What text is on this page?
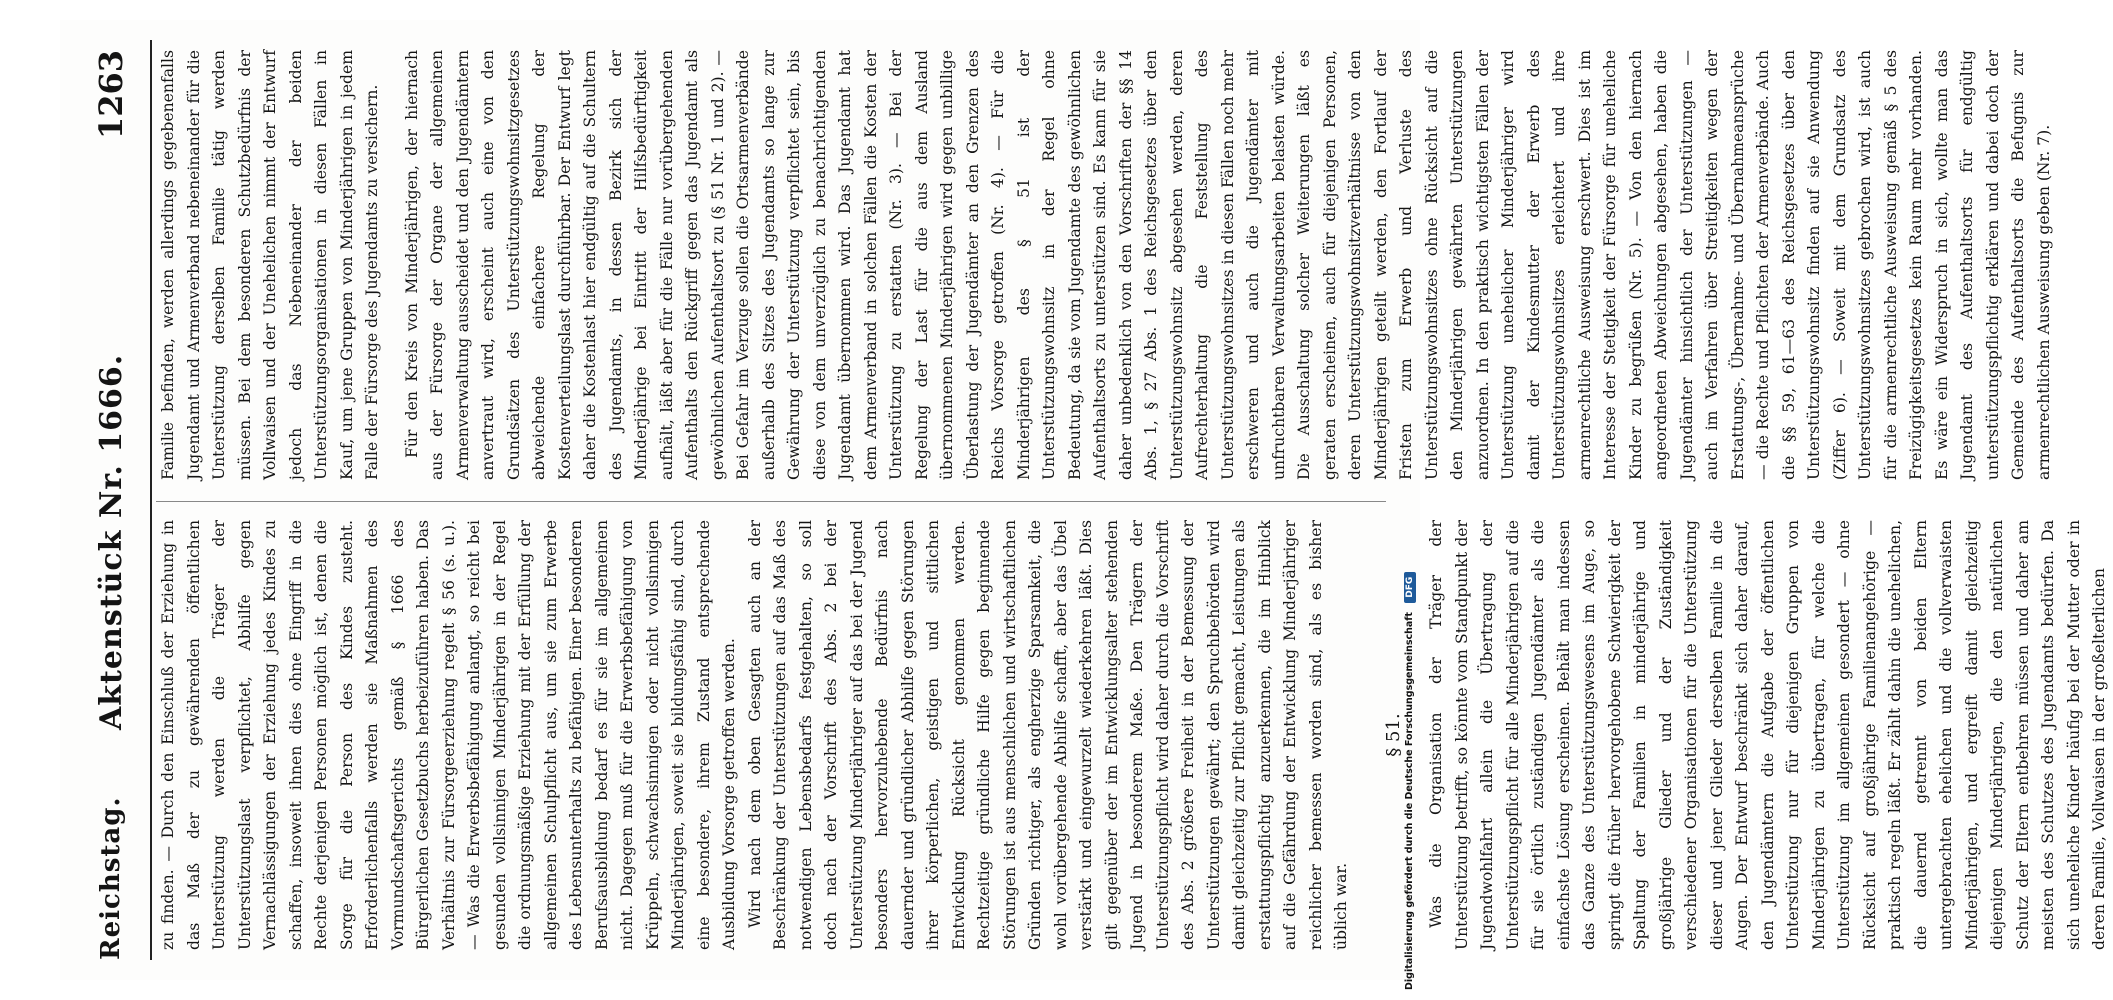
Reichstag.
Aktenstück Nr. 1666.
1263

zu finden. — Durch den Einschluß der Erziehung in das Maß der zu gewährenden öffentlichen Unterstützung werden die Träger der Unterstützungslast verpflichtet, Abhilfe gegen Vernachlässigungen der Erziehung jedes Kindes zu schaffen, insoweit ihnen dies ohne Eingriff in die Rechte derjenigen Personen möglich ist, denen die Sorge für die Person des Kindes zusteht. Erforderlichenfalls werden sie Maßnahmen des Vormundschaftsgerichts gemäß § 1666 des Bürgerlichen Gesetzbuchs herbeizuführen haben. Das Verhältnis zur Fürsorgeerziehung regelt § 56 (s. u.). — Was die Erwerbsbefähigung anlangt, so reicht bei gesunden vollsinnigen Minderjährigen in der Regel die ordnungsmäßige Erziehung mit der Erfüllung der allgemeinen Schulpflicht aus, um sie zum Erwerbe des Lebensunterhalts zu befähigen. Einer besonderen Berufsausbildung bedarf es für sie im allgemeinen nicht. Dagegen muß für die Erwerbsbefähigung von Krüppeln, schwachsinnigen oder nicht vollsinnigen Minderjährigen, soweit sie bildungsfähig sind, durch eine besondere, ihrem Zustand entsprechende Ausbildung Vorsorge getroffen werden. Wird nach dem oben Gesagten auch an der Beschränkung der Unterstützungen auf das Maß des notwendigen Lebensbedarfs festgehalten, so soll doch nach der Vorschrift des Abs. 2 bei der Unterstützung Minderjähriger auf das bei der Jugend besonders hervorzuhebende Bedürfnis nach dauernder und gründlicher Abhilfe gegen Störungen ihrer körperlichen, geistigen und sittlichen Entwicklung Rücksicht genommen werden. Rechtzeitige gründliche Hilfe gegen beginnende Störungen ist aus menschlichen und wirtschaftlichen Gründen richtiger, als engherzige Sparsamkeit, die wohl vorübergehende Abhilfe schafft, aber das Übel verstärkt und eingewurzelt wiederkehren läßt. Dies gilt gegenüber der im Entwicklungsalter stehenden Jugend in besonderem Maße. Den Trägern der Unterstützungspflicht wird daher durch die Vorschrift des Abs. 2 größere Freiheit in der Bemessung der Unterstützungen gewährt; den Spruchbehörden wird damit gleichzeitig zur Pflicht gemacht, Leistungen als erstattungspflichtig anzuerkennen, die im Hinblick auf die Gefährdung der Entwicklung Minderjähriger reichlicher bemessen worden sind, als es bisher üblich war.

§ 51. Was die Organisation der Träger der Unterstützung betrifft, so könnte vom Standpunkt der Jugendwohlfahrt allein die Übertragung der Unterstützungspflicht für alle Minderjährigen auf die für sie örtlich zuständigen Jugendämter als die einfachste Lösung erscheinen. Behält man indessen das Ganze des Unterstützungswesens im Auge, so springt die früher hervorgehobene Schwierigkeit der Spaltung der Familien in minderjährige und großjährige Glieder und der Zuständigkeit verschiedener Organisationen für die Unterstützung dieser und jener Glieder derselben Familie in die Augen. Der Entwurf beschränkt sich daher darauf, den Jugendämtern die Aufgabe der öffentlichen Unterstützung nur für diejenigen Gruppen von Minderjährigen zu übertragen, für welche die Unterstützung im allgemeinen gesondert — ohne Rücksicht auf großjährige Familienangehörige — praktisch regeln läßt. Er zählt dahin die unehelichen, die dauernd getrennt von beiden Eltern untergebrachten ehelichen und die vollverwaisten Minderjährigen, und ergreift damit gleichzeitig diejenigen Minderjährigen, die den natürlichen Schutz der Eltern entbehren müssen und daher am meisten des Schutzes des Jugendamts bedürfen. Da sich uneheliche Kinder häufig bei der Mutter oder in deren Familie, Vollwaisen in der großelterlichen

Familie befinden, werden allerdings gegebenenfalls Jugendamt und Armenverband nebeneinander für die Unterstützung derselben Familie tätig werden müssen. Bei dem besonderen Schutzbedürfnis der Vollwaisen und der Unehelichen nimmt der Entwurf jedoch das Nebeneinander der beiden Unterstützungsorganisationen in diesen Fällen in Kauf, um jene Gruppen von Minderjährigen in jedem Falle der Fürsorge des Jugendamts zu versichern. Für den Kreis von Minderjährigen, der hiernach aus der Fürsorge der Organe der allgemeinen Armenverwaltung ausscheidet und den Jugendämtern anvertraut wird, erscheint auch eine von den Grundsätzen des Unterstützungswohnsitzgesetzes abweichende einfachere Regelung der Kostenverteilungslast durchführbar. Der Entwurf legt daher die Kostenlast hier endgültig auf die Schultern des Jugendamts, in dessen Bezirk sich der Minderjährige bei Eintritt der Hilfsbedürftigkeit aufhält, läßt aber für die Fälle nur vorübergehenden Aufenthalts den Rückgriff gegen das Jugendamt als gewöhnlichen Aufenthaltsort zu (§ 51 Nr. 1 und 2). — Bei Gefahr im Verzuge sollen die Ortsarmenverbände außerhalb des Sitzes des Jugendamts so lange zur Gewährung der Unterstützung verpflichtet sein, bis diese von dem unverzüglich zu benachrichtigenden Jugendamt übernommen wird. Das Jugendamt hat dem Armenverband in solchen Fällen die Kosten der Unterstützung zu erstatten (Nr. 3). — Bei der Regelung der Last für die aus dem Ausland übernommenen Minderjährigen wird gegen unbillige Überlastung der Jugendämter an den Grenzen des Reichs Vorsorge getroffen (Nr. 4). — Für die Minderjährigen des § 51 ist der Unterstützungswohnsitz in der Regel ohne Bedeutung, da sie vom Jugendamte des gewöhnlichen Aufenthaltsorts zu unterstützen sind. Es kann für sie daher unbedenklich von den Vorschriften der §§ 14 Abs. 1, § 27 Abs. 1 des Reichsgesetzes über den Unterstützungswohnsitz abgesehen werden, deren Aufrechterhaltung die Feststellung des Unterstützungswohnsitzes in diesen Fällen noch mehr erschweren und auch die Jugendämter mit unfruchtbaren Verwaltungsarbeiten belasten würde. Die Ausschaltung solcher Weiterungen läßt es geraten erscheinen, auch für diejenigen Personen, deren Unterstützungswohnsitzverhältnisse von den Minderjährigen geteilt werden, den Fortlauf der Fristen zum Erwerb und Verluste des Unterstützungswohnsitzes ohne Rücksicht auf die den Minderjährigen gewährten Unterstützungen anzuordnen. In den praktisch wichtigsten Fällen der Unterstützung unehelicher Minderjähriger wird damit der Kindesmutter der Erwerb des Unterstützungswohnsitzes erleichtert und ihre armenrechtliche Ausweisung erschwert. Dies ist im Interesse der Stetigkeit der Fürsorge für uneheliche Kinder zu begrüßen (Nr. 5). — Von den hiernach angeordneten Abweichungen abgesehen, haben die Jugendämter hinsichtlich der Unterstützungen — auch im Verfahren über Streitigkeiten wegen der Erstattungs-, Übernahme- und Übernahmeansprüche — die Rechte und Pflichten der Armenverbände. Auch die §§ 59, 61—63 des Reichsgesetzes über den Unterstützungswohnsitz finden auf sie Anwendung (Ziffer 6). — Soweit mit dem Grundsatz des Unterstützungswohnsitzes gebrochen wird, ist auch für die armenrechtliche Ausweisung gemäß § 5 des Freizügigkeitsgesetzes kein Raum mehr vorhanden. Es wäre ein Widerspruch in sich, wollte man das Jugendamt des Aufenthaltsorts für endgültig unterstützungspflichtig erklären und dabei doch der Gemeinde des Aufenthaltsorts die Befugnis zur armenrechtlichen Ausweisung geben (Nr. 7).

Digitalisierung gefördert durch die Deutsche Forschungsgemeinschaft DFG
